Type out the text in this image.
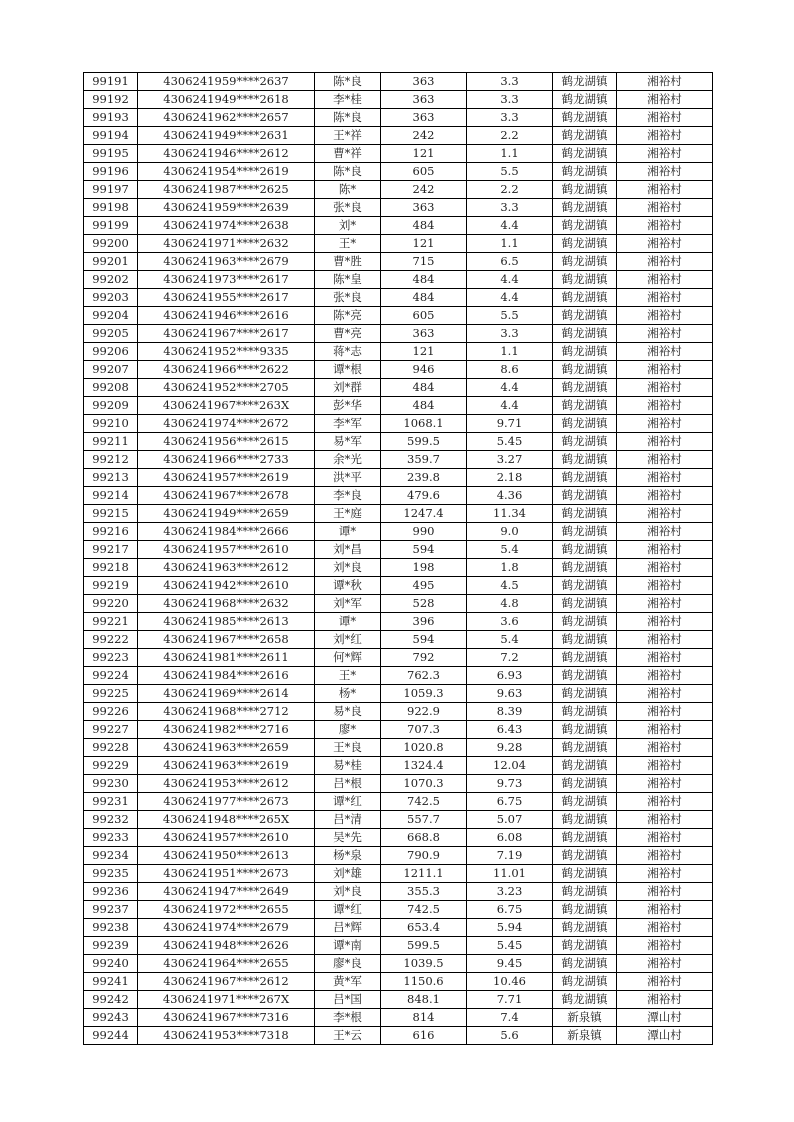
99191	4306241959****2637	陈*良	363	3.3	鹤龙湖镇	湘裕村
99192	4306241949****2618	李*桂	363	3.3	鹤龙湖镇	湘裕村
99193	4306241962****2657	陈*良	363	3.3	鹤龙湖镇	湘裕村
99194	4306241949****2631	王*祥	242	2.2	鹤龙湖镇	湘裕村
99195	4306241946****2612	曹*祥	121	1.1	鹤龙湖镇	湘裕村
99196	4306241954****2619	陈*良	605	5.5	鹤龙湖镇	湘裕村
99197	4306241987****2625	陈*	242	2.2	鹤龙湖镇	湘裕村
99198	4306241959****2639	张*良	363	3.3	鹤龙湖镇	湘裕村
99199	4306241974****2638	刘*	484	4.4	鹤龙湖镇	湘裕村
99200	4306241971****2632	王*	121	1.1	鹤龙湖镇	湘裕村
99201	4306241963****2679	曹*胜	715	6.5	鹤龙湖镇	湘裕村
99202	4306241973****2617	陈*皇	484	4.4	鹤龙湖镇	湘裕村
99203	4306241955****2617	张*良	484	4.4	鹤龙湖镇	湘裕村
99204	4306241946****2616	陈*亮	605	5.5	鹤龙湖镇	湘裕村
99205	4306241967****2617	曹*亮	363	3.3	鹤龙湖镇	湘裕村
99206	4306241952****9335	蒋*志	121	1.1	鹤龙湖镇	湘裕村
99207	4306241966****2622	谭*根	946	8.6	鹤龙湖镇	湘裕村
99208	4306241952****2705	刘*群	484	4.4	鹤龙湖镇	湘裕村
99209	4306241967****263X	彭*华	484	4.4	鹤龙湖镇	湘裕村
99210	4306241974****2672	李*军	1068.1	9.71	鹤龙湖镇	湘裕村
99211	4306241956****2615	易*军	599.5	5.45	鹤龙湖镇	湘裕村
99212	4306241966****2733	余*光	359.7	3.27	鹤龙湖镇	湘裕村
99213	4306241957****2619	洪*平	239.8	2.18	鹤龙湖镇	湘裕村
99214	4306241967****2678	李*良	479.6	4.36	鹤龙湖镇	湘裕村
99215	4306241949****2659	王*庭	1247.4	11.34	鹤龙湖镇	湘裕村
99216	4306241984****2666	谭*	990	9.0	鹤龙湖镇	湘裕村
99217	4306241957****2610	刘*昌	594	5.4	鹤龙湖镇	湘裕村
99218	4306241963****2612	刘*良	198	1.8	鹤龙湖镇	湘裕村
99219	4306241942****2610	谭*秋	495	4.5	鹤龙湖镇	湘裕村
99220	4306241968****2632	刘*军	528	4.8	鹤龙湖镇	湘裕村
99221	4306241985****2613	谭*	396	3.6	鹤龙湖镇	湘裕村
99222	4306241967****2658	刘*红	594	5.4	鹤龙湖镇	湘裕村
99223	4306241981****2611	何*辉	792	7.2	鹤龙湖镇	湘裕村
99224	4306241984****2616	王*	762.3	6.93	鹤龙湖镇	湘裕村
99225	4306241969****2614	杨*	1059.3	9.63	鹤龙湖镇	湘裕村
99226	4306241968****2712	易*良	922.9	8.39	鹤龙湖镇	湘裕村
99227	4306241982****2716	廖*	707.3	6.43	鹤龙湖镇	湘裕村
99228	4306241963****2659	王*良	1020.8	9.28	鹤龙湖镇	湘裕村
99229	4306241963****2619	易*桂	1324.4	12.04	鹤龙湖镇	湘裕村
99230	4306241953****2612	吕*根	1070.3	9.73	鹤龙湖镇	湘裕村
99231	4306241977****2673	谭*红	742.5	6.75	鹤龙湖镇	湘裕村
99232	4306241948****265X	吕*清	557.7	5.07	鹤龙湖镇	湘裕村
99233	4306241957****2610	吴*先	668.8	6.08	鹤龙湖镇	湘裕村
99234	4306241950****2613	杨*泉	790.9	7.19	鹤龙湖镇	湘裕村
99235	4306241951****2673	刘*雄	1211.1	11.01	鹤龙湖镇	湘裕村
99236	4306241947****2649	刘*良	355.3	3.23	鹤龙湖镇	湘裕村
99237	4306241972****2655	谭*红	742.5	6.75	鹤龙湖镇	湘裕村
99238	4306241974****2679	吕*辉	653.4	5.94	鹤龙湖镇	湘裕村
99239	4306241948****2626	谭*南	599.5	5.45	鹤龙湖镇	湘裕村
99240	4306241964****2655	廖*良	1039.5	9.45	鹤龙湖镇	湘裕村
99241	4306241967****2612	黄*军	1150.6	10.46	鹤龙湖镇	湘裕村
99242	4306241971****267X	吕*国	848.1	7.71	鹤龙湖镇	湘裕村
99243	4306241967****7316	李*根	814	7.4	新泉镇	潭山村
99244	4306241953****7318	王*云	616	5.6	新泉镇	潭山村
